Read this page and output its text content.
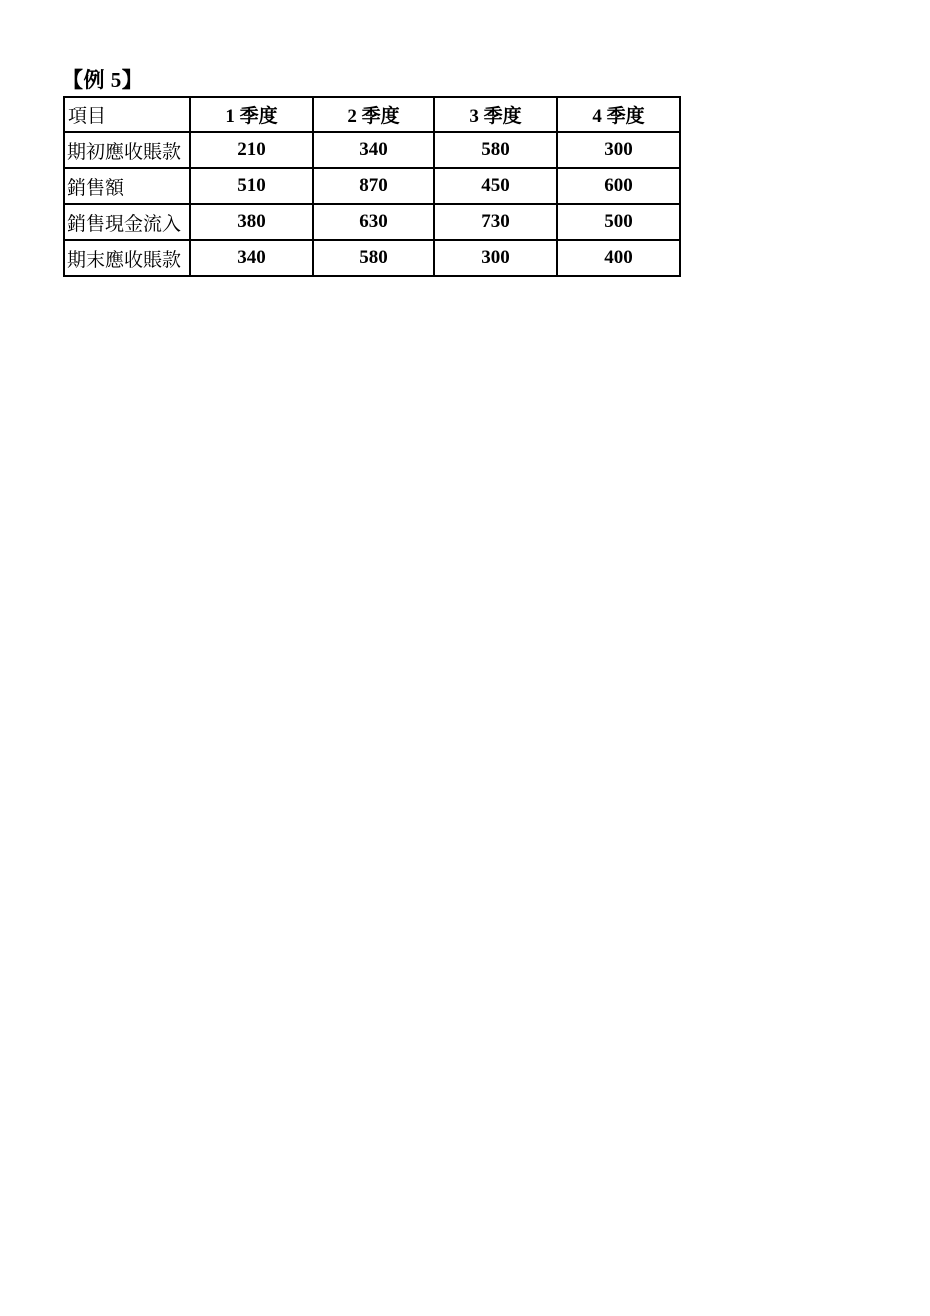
【例 5】
項目	1 季度	2 季度	3 季度	4 季度
期初應收賬款	210	340	580	300
銷售額	510	870	450	600
銷售現金流入	380	630	730	500
期末應收賬款	340	580	300	400
